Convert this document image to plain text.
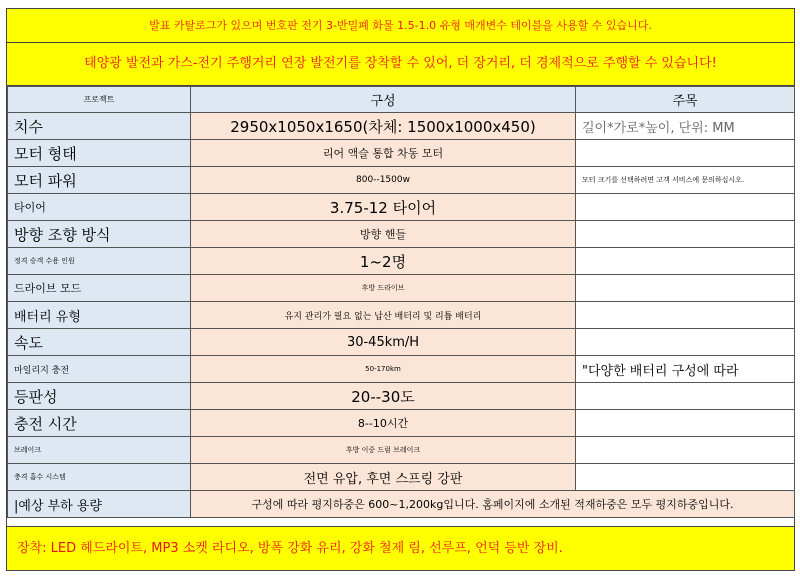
발표 카탈로그가 있으며 번호판 전기 3-반밀폐 화물 1.5-1.0 유형 매개변수 테이블을 사용할 수 있습니다.
태양광 발전과 가스-전기 주행거리 연장 발전기를 장착할 수 있어, 더 장거리, 더 경제적으로 주행할 수 있습니다!
프로젝트	구성	주목
치수	2950x1050x1650(차체: 1500x1000x450)	길이*가로*높이, 단위: MM
모터 형태	리어 액슬 통합 차동 모터	
모터 파워	800--1500w	모터 크기를 선택하려면 고객 서비스에 문의하십시오.
타이어	3.75-12 타이어	
방향 조향 방식	방향 핸들	
정격 승객 수용 인원	1~2명	
드라이브 모드	후방 드라이브	
배터리 유형	유지 관리가 필요 없는 납산 배터리 및 리튬 배터리	
속도	30-45km/H	
마일리지 충전	50-170km	"다양한 배터리 구성에 따라
등판성	20--30도	
충전 시간	8--10시간	
브레이크	후방 이중 드럼 브레이크	
충격 흡수 시스템	전면 유압, 후면 스프링 강판	
|예상 부하 용량	구성에 따라 평지하중은 600~1,200kg입니다. 홈페이지에 소개된 적재하중은 모두 평지하중입니다.	
장착: LED 헤드라이트, MP3 소켓 라디오, 방폭 강화 유리, 강화 철제 림, 선루프, 언덕 등반 장비.
